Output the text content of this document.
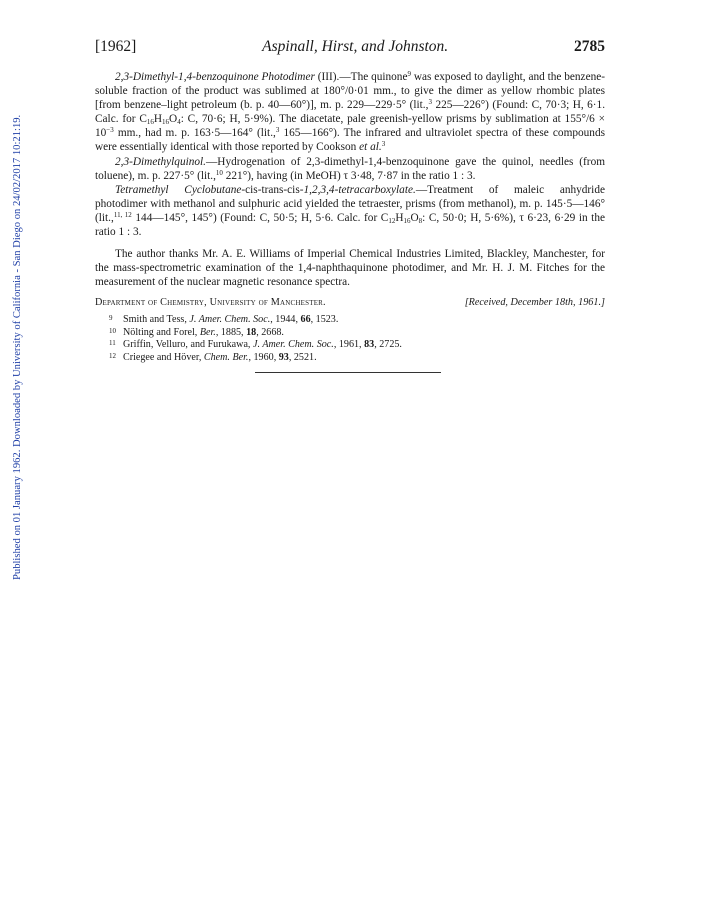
Published on 01 January 1962. Downloaded by University of California - San Diego on 24/02/2017 10:21:19.
[1962]	Aspinall, Hirst, and Johnston.	2785

2,3-Dimethyl-1,4-benzoquinone Photodimer (III).—The quinone$^9$ was exposed to daylight, and the benzene-soluble fraction of the product was sublimed at 180°/0·01 mm., to give the dimer as yellow rhombic plates [from benzene–light petroleum (b. p. 40—60°)], m. p. 229—229·5° (lit.,$^3$ 225—226°) (Found: C, 70·3; H, 6·1. Calc. for $C_{16}H_{16}O_4$: C, 70·6; H, 5·9%). The diacetate, pale greenish-yellow prisms by sublimation at $155^\circ/6 \times 10^{-3}$ mm., had m. p. 163·5—164° (lit.,$^3$ 165—166°). The infrared and ultraviolet spectra of these compounds were essentially identical with those reported by Cookson et al.$^3$

2,3-Dimethylquinol.—Hydrogenation of 2,3-dimethyl-1,4-benzoquinone gave the quinol, needles (from toluene), m. p. 227·5° (lit.,$^{10}$ 221°), having (in MeOH) τ 3·48, 7·87 in the ratio 1 : 3.

Tetramethyl Cyclobutane-cis-trans-cis-1,2,3,4-tetracarboxylate.—Treatment of maleic anhydride photodimer with methanol and sulphuric acid yielded the tetraester, prisms (from methanol), m. p. 145·5—146° (lit.,$^{11, 12}$ 144—145°, 145°) (Found: C, 50·5; H, 5·6. Calc. for $C_{12}H_{16}O_8$: C, 50·0; H, 5·6%), τ 6·23, 6·29 in the ratio 1 : 3.

The author thanks Mr. A. E. Williams of Imperial Chemical Industries Limited, Blackley, Manchester, for the mass-spectrometric examination of the 1,4-naphthaquinone photodimer, and Mr. H. J. M. Fitches for the measurement of the nuclear magnetic resonance spectra.

Department of Chemistry, University of Manchester.	[Received, December 18th, 1961.]
9	Smith and Tess, J. Amer. Chem. Soc., 1944, 66, 1523.
10 Nölting and Forel, Ber., 1885, 18, 2668.
11 Griffin, Velluro, and Furukawa, J. Amer. Chem. Soc., 1961, 83, 2725.
12 Criegee and Höver, Chem. Ber., 1960, 93, 2521.
